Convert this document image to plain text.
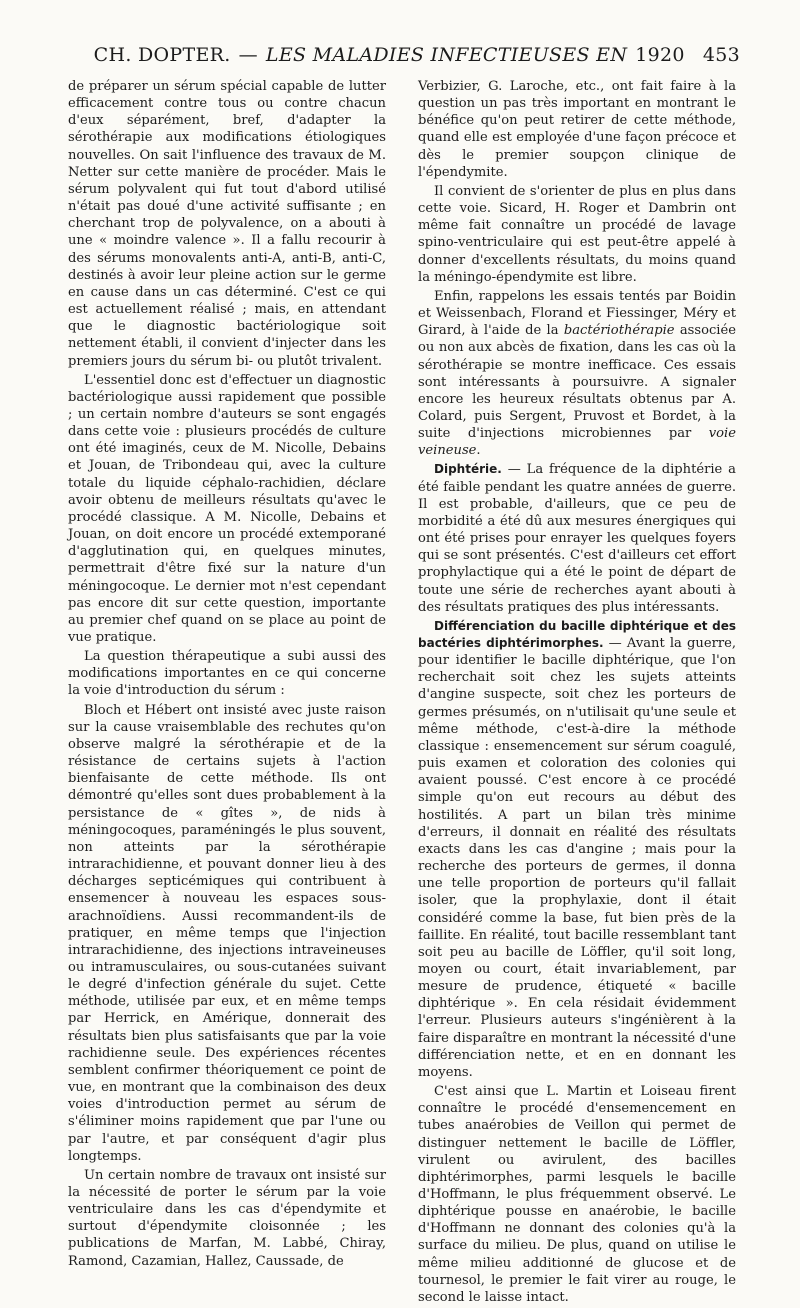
CH. DOPTER. — LES MALADIES INFECTIEUSES EN 1920 453

de préparer un sérum spécial capable de lutter efficacement contre tous ou contre chacun d'eux séparément, bref, d'adapter la sérothérapie aux modifications étiologiques nouvelles. On sait l'influence des travaux de M. Netter sur cette manière de procéder. Mais le sérum polyvalent qui fut tout d'abord utilisé n'était pas doué d'une activité suffisante ; en cherchant trop de polyvalence, on a abouti à une « moindre valence ». Il a fallu recourir à des sérums monovalents anti-A, anti-B, anti-C, destinés à avoir leur pleine action sur le germe en cause dans un cas déterminé. C'est ce qui est actuellement réalisé ; mais, en attendant que le diagnostic bactériologique soit nettement établi, il convient d'injecter dans les premiers jours du sérum bi- ou plutôt trivalent.

L'essentiel donc est d'effectuer un diagnostic bactériologique aussi rapidement que possible ; un certain nombre d'auteurs se sont engagés dans cette voie : plusieurs procédés de culture ont été imaginés, ceux de M. Nicolle, Debains et Jouan, de Tribondeau qui, avec la culture totale du liquide céphalo-rachidien, déclare avoir obtenu de meilleurs résultats qu'avec le procédé classique. A M. Nicolle, Debains et Jouan, on doit encore un procédé extemporané d'agglutination qui, en quelques minutes, permettrait d'être fixé sur la nature d'un méningocoque. Le dernier mot n'est cependant pas encore dit sur cette question, importante au premier chef quand on se place au point de vue pratique.

La question thérapeutique a subi aussi des modifications importantes en ce qui concerne la voie d'introduction du sérum :

Bloch et Hébert ont insisté avec juste raison sur la cause vraisemblable des rechutes qu'on observe malgré la sérothérapie et de la résistance de certains sujets à l'action bienfaisante de cette méthode. Ils ont démontré qu'elles sont dues probablement à la persistance de « gîtes », de nids à méningocoques, paraméningés le plus souvent, non atteints par la sérothérapie intrarachidienne, et pouvant donner lieu à des décharges septicémiques qui contribuent à ensemencer à nouveau les espaces sous-arachnoïdiens. Aussi recommandent-ils de pratiquer, en même temps que l'injection intrarachidienne, des injections intraveineuses ou intramusculaires, ou sous-cutanées suivant le degré d'infection générale du sujet. Cette méthode, utilisée par eux, et en même temps par Herrick, en Amérique, donnerait des résultats bien plus satisfaisants que par la voie rachidienne seule. Des expériences récentes semblent confirmer théoriquement ce point de vue, en montrant que la combinaison des deux voies d'introduction permet au sérum de s'éliminer moins rapidement que par l'une ou par l'autre, et par conséquent d'agir plus longtemps.

Un certain nombre de travaux ont insisté sur la nécessité de porter le sérum par la voie ventriculaire dans les cas d'épendymite et surtout d'épendymite cloisonnée ; les publications de Marfan, M. Labbé, Chiray, Ramond, Cazamian, Hallez, Caussade, de

Verbizier, G. Laroche, etc., ont fait faire à la question un pas très important en montrant le bénéfice qu'on peut retirer de cette méthode, quand elle est employée d'une façon précoce et dès le premier soupçon clinique de l'épendymite.

Il convient de s'orienter de plus en plus dans cette voie. Sicard, H. Roger et Dambrin ont même fait connaître un procédé de lavage spino-ventriculaire qui est peut-être appelé à donner d'excellents résultats, du moins quand la méningo-épendymite est libre.

Enfin, rappelons les essais tentés par Boidin et Weissenbach, Florand et Fiessinger, Méry et Girard, à l'aide de la bactériothérapie associée ou non aux abcès de fixation, dans les cas où la sérothérapie se montre inefficace. Ces essais sont intéressants à poursuivre. A signaler encore les heureux résultats obtenus par A. Colard, puis Sergent, Pruvost et Bordet, à la suite d'injections microbiennes par voie veineuse.

Diphtérie. — La fréquence de la diphtérie a été faible pendant les quatre années de guerre. Il est probable, d'ailleurs, que ce peu de morbidité a été dû aux mesures énergiques qui ont été prises pour enrayer les quelques foyers qui se sont présentés. C'est d'ailleurs cet effort prophylactique qui a été le point de départ de toute une série de recherches ayant abouti à des résultats pratiques des plus intéressants.

Différenciation du bacille diphtérique et des bactéries diphtérimorphes. — Avant la guerre, pour identifier le bacille diphtérique, que l'on recherchait soit chez les sujets atteints d'angine suspecte, soit chez les porteurs de germes présumés, on n'utilisait qu'une seule et même méthode, c'est-à-dire la méthode classique : ensemencement sur sérum coagulé, puis examen et coloration des colonies qui avaient poussé. C'est encore à ce procédé simple qu'on eut recours au début des hostilités. A part un bilan très minime d'erreurs, il donnait en réalité des résultats exacts dans les cas d'angine ; mais pour la recherche des porteurs de germes, il donna une telle proportion de porteurs qu'il fallait isoler, que la prophylaxie, dont il était considéré comme la base, fut bien près de la faillite. En réalité, tout bacille ressemblant tant soit peu au bacille de Löffler, qu'il soit long, moyen ou court, était invariablement, par mesure de prudence, étiqueté « bacille diphtérique ». En cela résidait évidemment l'erreur. Plusieurs auteurs s'ingénièrent à la faire disparaître en montrant la nécessité d'une différenciation nette, et en en donnant les moyens.

C'est ainsi que L. Martin et Loiseau firent connaître le procédé d'ensemencement en tubes anaérobies de Veillon qui permet de distinguer nettement le bacille de Löffler, virulent ou avirulent, des bacilles diphtérimorphes, parmi lesquels le bacille d'Hoffmann, le plus fréquemment observé. Le diphtérique pousse en anaérobie, le bacille d'Hoffmann ne donnant des colonies qu'à la surface du milieu. De plus, quand on utilise le même milieu additionné de glucose et de tournesol, le premier le fait virer au rouge, le second le laisse intact.
